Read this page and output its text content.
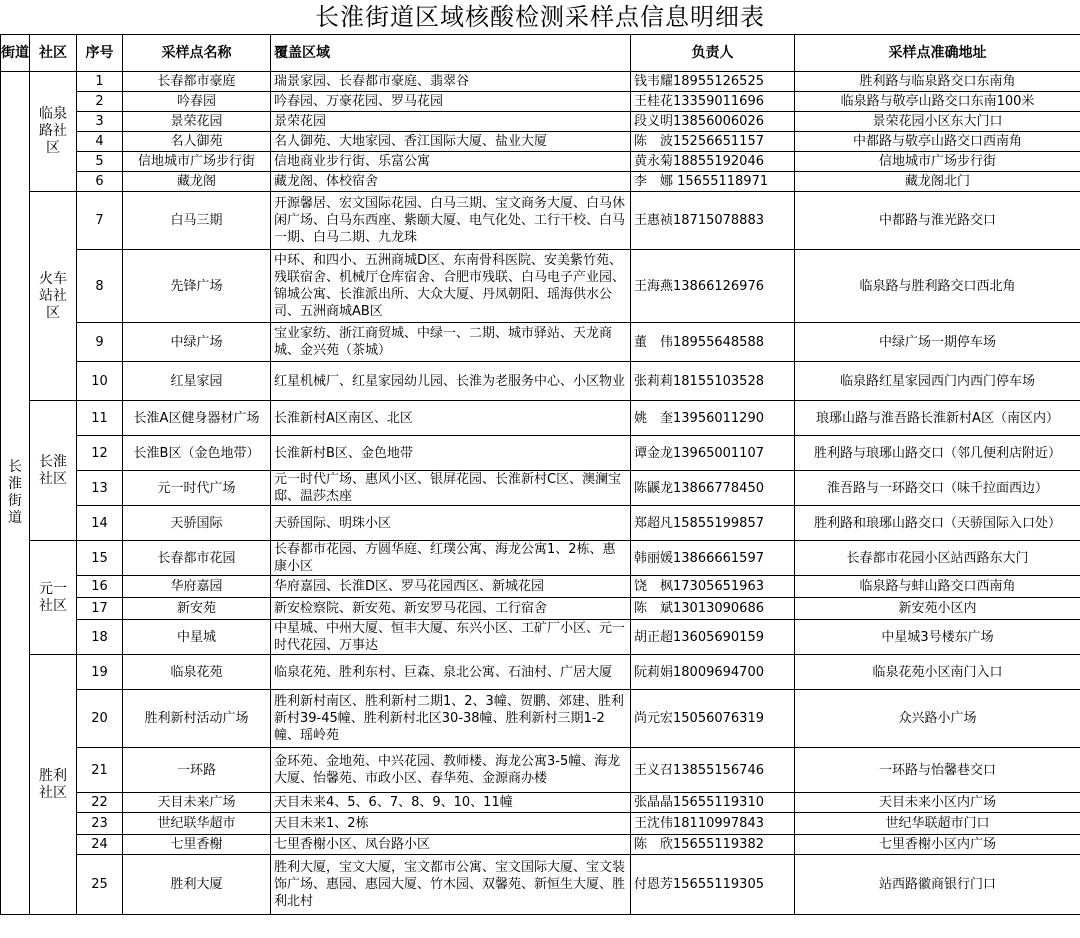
长淮街道区域核酸检测采样点信息明细表
街道	社区	序号	采样点名称	覆盖区域	负责人	采样点准确地址

长淮街道	临泉路社区	1	长春都市豪庭	瑞景家园、长春都市豪庭、翡翠谷	钱韦耀18955126525	胜利路与临泉路交口东南角
		2	吟春园	吟春园、万豪花园、罗马花园	王桂花13359011696	临泉路与敬亭山路交口东南100米
		3	景荣花园	景荣花园	段义明13856006026	景荣花园小区东大门口
		4	名人御苑	名人御苑、大地家园、香江国际大厦、盐业大厦	陈　波15256651157	中都路与敬亭山路交口西南角
		5	信地城市广场步行街	信地商业步行街、乐富公寓	黄永菊18855192046	信地城市广场步行街
		6	藏龙阁	藏龙阁、体校宿舍	李　娜 15655118971	藏龙阁北门

	火车站社区	7	白马三期	开源馨居、宏文国际花园、白马三期、宝文商务大厦、白马休闲广场、白马东西座、紫颐大厦、电气化处、工行干校、白马一期、白马二期、九龙珠	王惠祯18715078883	中都路与淮光路交口
		8	先锋广场	中环、和四小、五洲商城D区、东南骨科医院、安美紫竹苑、残联宿舍、机械厅仓库宿舍、合肥市残联、白马电子产业园、锦城公寓、长淮派出所、大众大厦、丹凤朝阳、瑶海供水公司、五洲商城AB区	王海燕13866126976	临泉路与胜利路交口西北角
		9	中绿广场	宝业家纺、浙江商贸城、中绿一、二期、城市驿站、天龙商城、金兴苑（茶城）	董　伟18955648588	中绿广场一期停车场
		10	红星家园	红星机械厂、红星家园幼儿园、长淮为老服务中心、小区物业	张莉莉18155103528	临泉路红星家园西门内西门停车场

	长淮社区	11	长淮A区健身器材广场	长淮新村A区南区、北区	姚　奎13956011290	琅琊山路与淮吾路长淮新村A区（南区内）
		12	长淮B区（金色地带）	长淮新村B区、金色地带	谭金龙13965001107	胜利路与琅琊山路交口（邻几便利店附近）
		13	元一时代广场	元一时代广场、惠风小区、银屏花园、长淮新村C区、澳澜宝邸、温莎杰座	陈鼷龙13866778450	淮吾路与一环路交口（味千拉面西边）
		14	天骄国际	天骄国际、明珠小区	郑超凡15855199857	胜利路和琅琊山路交口（天骄国际入口处）

	元一社区	15	长春都市花园	长春都市花园、方圆华庭、红璞公寓、海龙公寓1、2栋、惠康小区	韩丽媛13866661597	长春都市花园小区站西路东大门
		16	华府嘉园	华府嘉园、长淮D区、罗马花园西区、新城花园	饶　枫17305651963	临泉路与蚌山路交口西南角
		17	新安苑	新安检察院、新安苑、新安罗马花园、工行宿舍	陈　斌13013090686	新安苑小区内
		18	中星城	中星城、中州大厦、恒丰大厦、东兴小区、工矿厂小区、元一时代花园、万事达	胡正超13605690159	中星城3号楼东广场

	胜利社区	19	临泉花苑	临泉花苑、胜利东村、巨森、泉北公寓、石油村、广居大厦	阮莉娟18009694700	临泉花苑小区南门入口
		20	胜利新村活动广场	胜利新村南区、胜利新村二期1、2、3幢、贺鹏、郊建、胜利新村39-45幢、胜利新村北区30-38幢、胜利新村三期1-2幢、瑶岭苑	尚元宏15056076319	众兴路小广场
		21	一环路	金环苑、金地苑、中兴花园、教师楼、海龙公寓3-5幢、海龙大厦、怡馨苑、市政小区、春华苑、金源商办楼	王义召13855156746	一环路与怡馨巷交口
		22	天目未来广场	天目未来4、5、6、7、8、9、10、11幢	张晶晶15655119310	天目未来小区内广场
		23	世纪联华超市	天目未来1、2栋	王沈伟18110997843	世纪华联超市门口
		24	七里香榭	七里香榭小区、凤台路小区	陈　欣15655119382	七里香榭小区内广场
		25	胜利大厦	胜利大厦，宝文大厦，宝文都市公寓、宝文国际大厦、宝文装饰广场、惠园、惠园大厦、竹木园、双馨苑、新恒生大厦、胜利北村	付恩芳15655119305	站西路徽商银行门口
